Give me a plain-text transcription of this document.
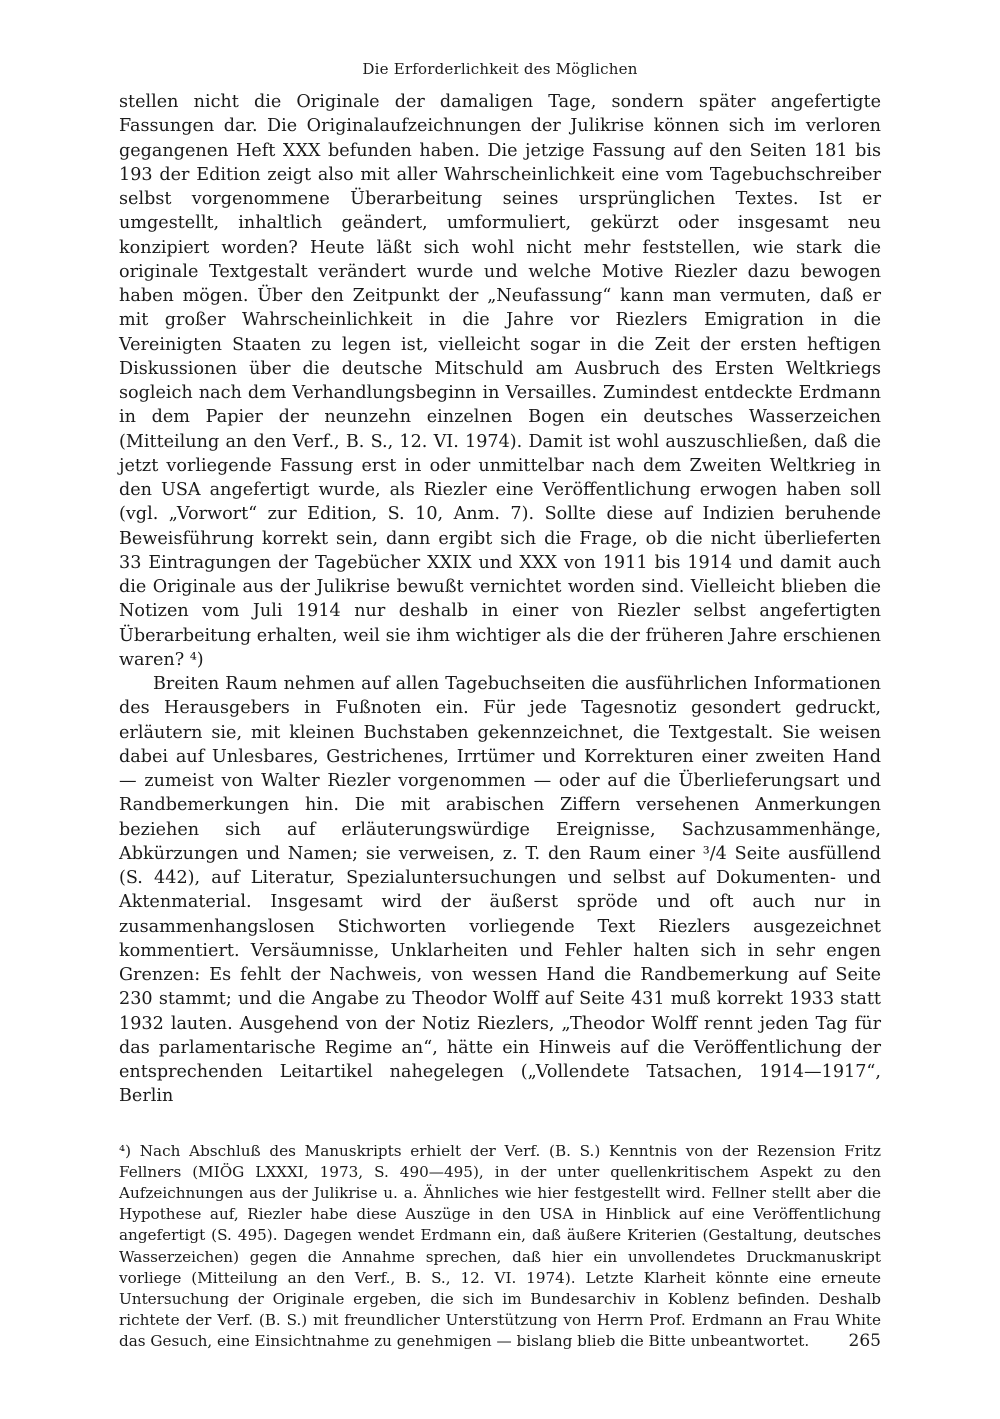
Die Erforderlichkeit des Möglichen

stellen nicht die Originale der damaligen Tage, sondern später angefertigte Fassungen dar. Die Originalaufzeichnungen der Julikrise können sich im verloren gegangenen Heft XXX befunden haben. Die jetzige Fassung auf den Seiten 181 bis 193 der Edition zeigt also mit aller Wahrscheinlichkeit eine vom Tagebuchschreiber selbst vorgenommene Überarbeitung seines ursprünglichen Textes. Ist er umgestellt, inhaltlich geändert, umformuliert, gekürzt oder insgesamt neu konzipiert worden? Heute läßt sich wohl nicht mehr feststellen, wie stark die originale Textgestalt verändert wurde und welche Motive Riezler dazu bewogen haben mögen. Über den Zeitpunkt der „Neufassung“ kann man vermuten, daß er mit großer Wahrscheinlichkeit in die Jahre vor Riezlers Emigration in die Vereinigten Staaten zu legen ist, vielleicht sogar in die Zeit der ersten heftigen Diskussionen über die deutsche Mitschuld am Ausbruch des Ersten Weltkriegs sogleich nach dem Verhandlungsbeginn in Versailles. Zumindest entdeckte Erdmann in dem Papier der neunzehn einzelnen Bogen ein deutsches Wasserzeichen (Mitteilung an den Verf., B. S., 12. VI. 1974). Damit ist wohl auszuschließen, daß die jetzt vorliegende Fassung erst in oder unmittelbar nach dem Zweiten Weltkrieg in den USA angefertigt wurde, als Riezler eine Veröffentlichung erwogen haben soll (vgl. „Vorwort“ zur Edition, S. 10, Anm. 7). Sollte diese auf Indizien beruhende Beweisführung korrekt sein, dann ergibt sich die Frage, ob die nicht überlieferten 33 Eintragungen der Tagebücher XXIX und XXX von 1911 bis 1914 und damit auch die Originale aus der Julikrise bewußt vernichtet worden sind. Vielleicht blieben die Notizen vom Juli 1914 nur deshalb in einer von Riezler selbst angefertigten Überarbeitung erhalten, weil sie ihm wichtiger als die der früheren Jahre erschienen waren? ⁴)

Breiten Raum nehmen auf allen Tagebuchseiten die ausführlichen Informationen des Herausgebers in Fußnoten ein. Für jede Tagesnotiz gesondert gedruckt, erläutern sie, mit kleinen Buchstaben gekennzeichnet, die Textgestalt. Sie weisen dabei auf Unlesbares, Gestrichenes, Irrtümer und Korrekturen einer zweiten Hand — zumeist von Walter Riezler vorgenommen — oder auf die Überlieferungsart und Randbemerkungen hin. Die mit arabischen Ziffern versehenen Anmerkungen beziehen sich auf erläuterungswürdige Ereignisse, Sachzusammenhänge, Abkürzungen und Namen; sie verweisen, z. T. den Raum einer ³/4 Seite ausfüllend (S. 442), auf Literatur, Spezialuntersuchungen und selbst auf Dokumenten- und Aktenmaterial. Insgesamt wird der äußerst spröde und oft auch nur in zusammenhangslosen Stichworten vorliegende Text Riezlers ausgezeichnet kommentiert. Versäumnisse, Unklarheiten und Fehler halten sich in sehr engen Grenzen: Es fehlt der Nachweis, von wessen Hand die Randbemerkung auf Seite 230 stammt; und die Angabe zu Theodor Wolff auf Seite 431 muß korrekt 1933 statt 1932 lauten. Ausgehend von der Notiz Riezlers, „Theodor Wolff rennt jeden Tag für das parlamentarische Regime an“, hätte ein Hinweis auf die Veröffentlichung der entsprechenden Leitartikel nahegelegen („Vollendete Tatsachen, 1914—1917“, Berlin

⁴) Nach Abschluß des Manuskripts erhielt der Verf. (B. S.) Kenntnis von der Rezension Fritz Fellners (MIÖG LXXXI, 1973, S. 490—495), in der unter quellenkritischem Aspekt zu den Aufzeichnungen aus der Julikrise u. a. Ähnliches wie hier festgestellt wird. Fellner stellt aber die Hypothese auf, Riezler habe diese Auszüge in den USA in Hinblick auf eine Veröffentlichung angefertigt (S. 495). Dagegen wendet Erdmann ein, daß äußere Kriterien (Gestaltung, deutsches Wasserzeichen) gegen die Annahme sprechen, daß hier ein unvollendetes Druckmanuskript vorliege (Mitteilung an den Verf., B. S., 12. VI. 1974). Letzte Klarheit könnte eine erneute Untersuchung der Originale ergeben, die sich im Bundesarchiv in Koblenz befinden. Deshalb richtete der Verf. (B. S.) mit freundlicher Unterstützung von Herrn Prof. Erdmann an Frau White das Gesuch, eine Einsichtnahme zu genehmigen — bislang blieb die Bitte unbeantwortet.	265
